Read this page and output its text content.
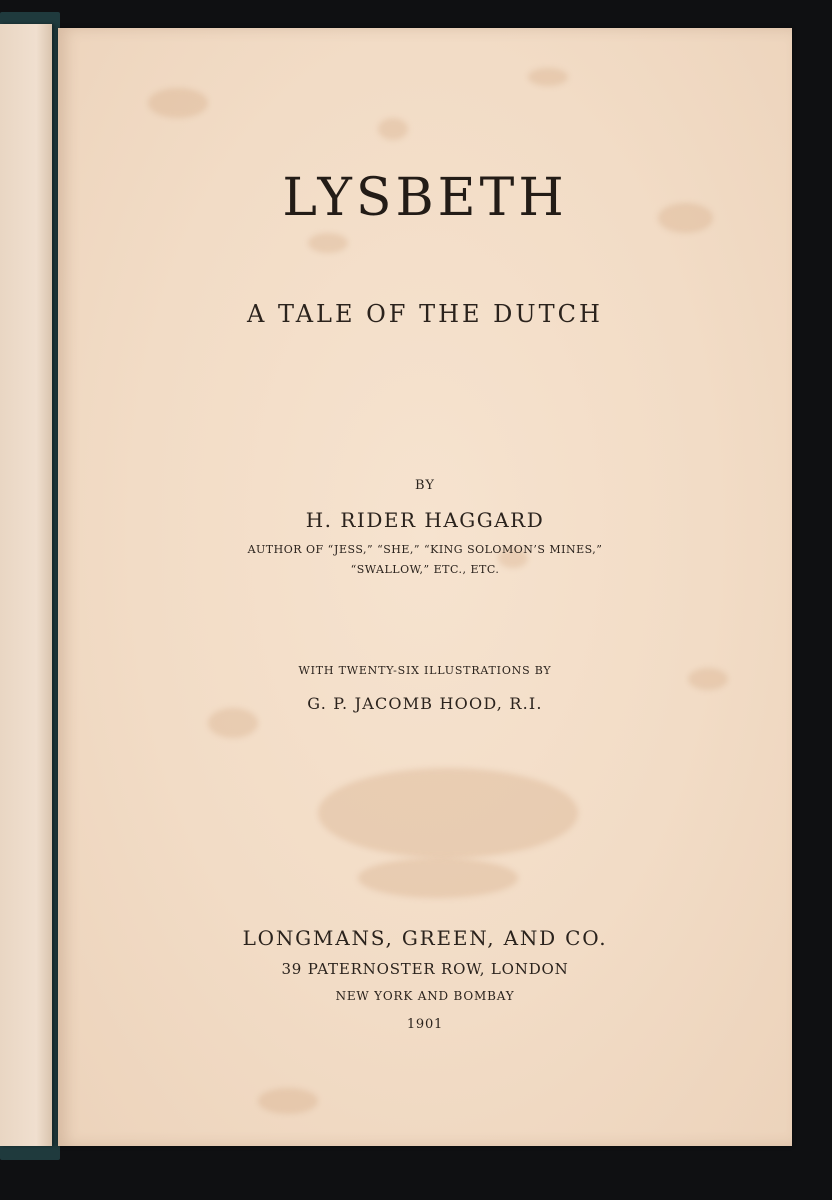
LYSBETH
A TALE OF THE DUTCH
BY
H. RIDER HAGGARD
AUTHOR OF “JESS,” “SHE,” “KING SOLOMON’S MINES,”
“SWALLOW,” ETC., ETC.
WITH TWENTY-SIX ILLUSTRATIONS BY
G. P. JACOMB HOOD, R.I.
LONGMANS, GREEN, AND CO.
39 PATERNOSTER ROW, LONDON
NEW YORK AND BOMBAY
1901
